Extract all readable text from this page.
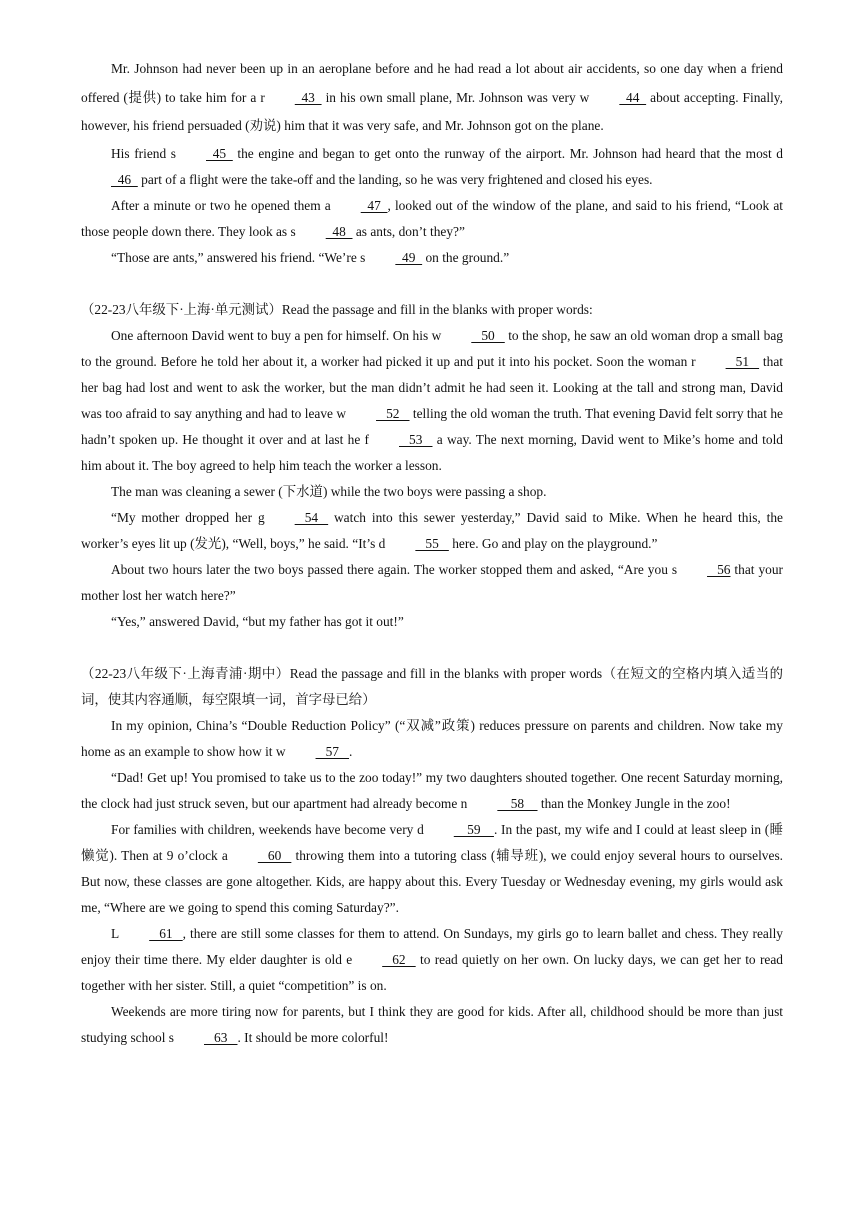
Mr. Johnson had never been up in an aeroplane before and he had read a lot about air accidents, so one day when a friend offered (提供) to take him for a r  43   in his own small plane, Mr. Johnson was very w  44   about accepting. Finally, however, his friend persuaded (劝说) him that it was very safe, and Mr. Johnson got on the plane.

His friend s  45   the engine and began to get onto the runway of the airport. Mr. Johnson had heard that the most d  46   part of a flight were the take-off and the landing, so he was very frightened and closed his eyes.

After a minute or two he opened them a  47  , looked out of the window of the plane, and said to his friend, “Look at those people down there. They look as s  48   as ants, don’t they?”

“Those are ants,” answered his friend. “We’re s  49   on the ground.”

（22-23八年级下·上海·单元测试）Read the passage and fill in the blanks with proper words:

One afternoon David went to buy a pen for himself. On his w   50    to the shop, he saw an old woman drop a small bag to the ground. Before he told her about it, a worker had picked it up and put it into his pocket. Soon the woman r   51    that her bag had lost and went to ask the worker, but the man didn’t admit he had seen it. Looking at the tall and strong man, David was too afraid to say anything and had to leave w   52    telling the old woman the truth. That evening David felt sorry that he hadn’t spoken up. He thought it over and at last he f   53    a way. The next morning, David went to Mike’s home and told him about it. The boy agreed to help him teach the worker a lesson.

The man was cleaning a sewer (下水道) while the two boys were passing a shop.

“My mother dropped her g   54    watch into this sewer yesterday,” David said to Mike. When he heard this, the worker’s eyes lit up (发光), “Well, boys,” he said. “It’s d   55    here. Go and play on the playground.”

About two hours later the two boys passed there again. The worker stopped them and asked, “Are you s   56 that your mother lost her watch here?”

“Yes,” answered David, “but my father has got it out!”

（22-23八年级下·上海青浦·期中）Read the passage and fill in the blanks with proper words（在短文的空格内填入适当的词，使其内容通顺，每空限填一词，首字母已给）

In my opinion, China’s “Double Reduction Policy” (“双减”政策) reduces pressure on parents and children. Now take my home as an example to show how it w   57   .

“Dad! Get up! You promised to take us to the zoo today!” my two daughters shouted together. One recent Saturday morning, the clock had just struck seven, but our apartment had already become n    58     than the Monkey Jungle in the zoo!

For families with children, weekends have become very d    59    . In the past, my wife and I could at least sleep in (睡懒觉). Then at 9 o’clock a   60    throwing them into a tutoring class (辅导班), we could enjoy several hours to ourselves. But now, these classes are gone altogether. Kids, are happy about this. Every Tuesday or Wednesday evening, my girls would ask me, “Where are we going to spend this coming Saturday?”.

L   61   , there are still some classes for them to attend. On Sundays, my girls go to learn ballet and chess. They really enjoy their time there. My elder daughter is old e   62    to read quietly on her own. On lucky days, we can get her to read together with her sister. Still, a quiet “competition” is on.

Weekends are more tiring now for parents, but I think they are good for kids. After all, childhood should be more than just studying school s   63   . It should be more colorful!
